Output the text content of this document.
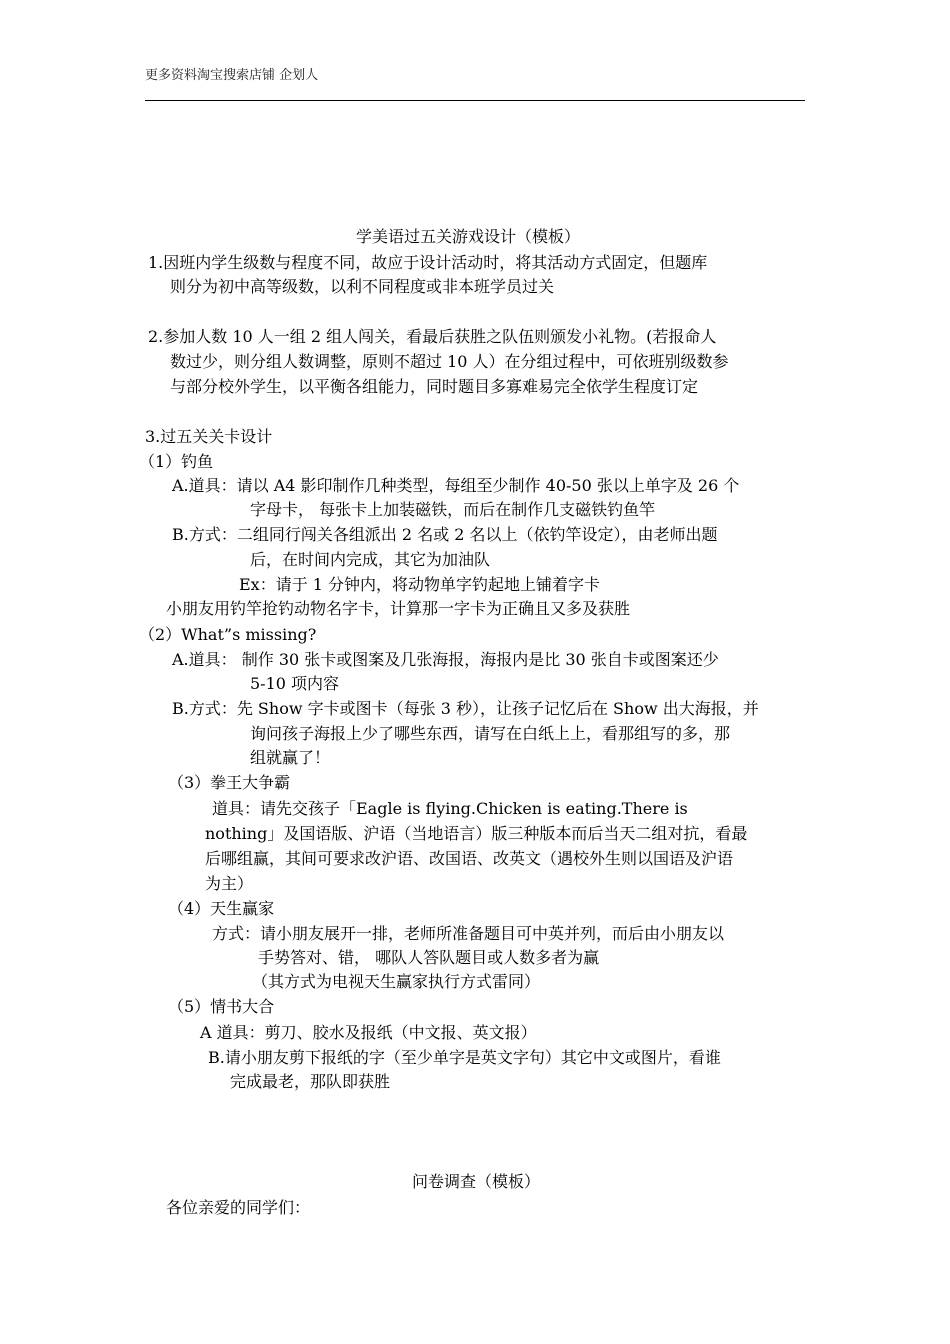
更多资料淘宝搜索店铺 企划人
学美语过五关游戏设计（模板）
1.因班内学生级数与程度不同，故应于设计活动时，将其活动方式固定，但题库
则分为初中高等级数，以利不同程度或非本班学员过关
2.参加人数 10 人一组 2 组人闯关，看最后获胜之队伍则颁发小礼物。(若报命人
数过少，则分组人数调整，原则不超过 10 人）在分组过程中，可依班别级数参
与部分校外学生，以平衡各组能力，同时题目多寡难易完全依学生程度订定
3.过五关关卡设计
（1）钓鱼
A.道具：请以 A4 影印制作几种类型，每组至少制作 40-50 张以上单字及 26 个
字母卡， 每张卡上加装磁铁，而后在制作几支磁铁钓鱼竿
B.方式：二组同行闯关各组派出 2 名或 2 名以上（依钓竿设定），由老师出题
后，在时间内完成，其它为加油队
Ex：请于 1 分钟内，将动物单字钓起地上铺着字卡
小朋友用钓竿抢钓动物名字卡，计算那一字卡为正确且又多及获胜
（2）What”s missing?
A.道具： 制作 30 张卡或图案及几张海报，海报内是比 30 张自卡或图案还少
5-10 项内容
B.方式：先 Show 字卡或图卡（每张 3 秒），让孩子记忆后在 Show 出大海报，并
询问孩子海报上少了哪些东西，请写在白纸上上，看那组写的多，那
组就赢了！
（3）拳王大争霸
道具：请先交孩子「Eagle is flying.Chicken is eating.There is
nothing」及国语版、沪语（当地语言）版三种版本而后当天二组对抗，看最
后哪组赢，其间可要求改沪语、改国语、改英文（遇校外生则以国语及沪语
为主）
（4）天生赢家
方式：请小朋友展开一排，老师所准备题目可中英并列，而后由小朋友以
手势答对、错， 哪队人答队题目或人数多者为赢
（其方式为电视天生赢家执行方式雷同）
（5）情书大合
A 道具：剪刀、胶水及报纸（中文报、英文报）
B.请小朋友剪下报纸的字（至少单字是英文字句）其它中文或图片，看谁
完成最老，那队即获胜
问卷调查（模板）
各位亲爱的同学们：
